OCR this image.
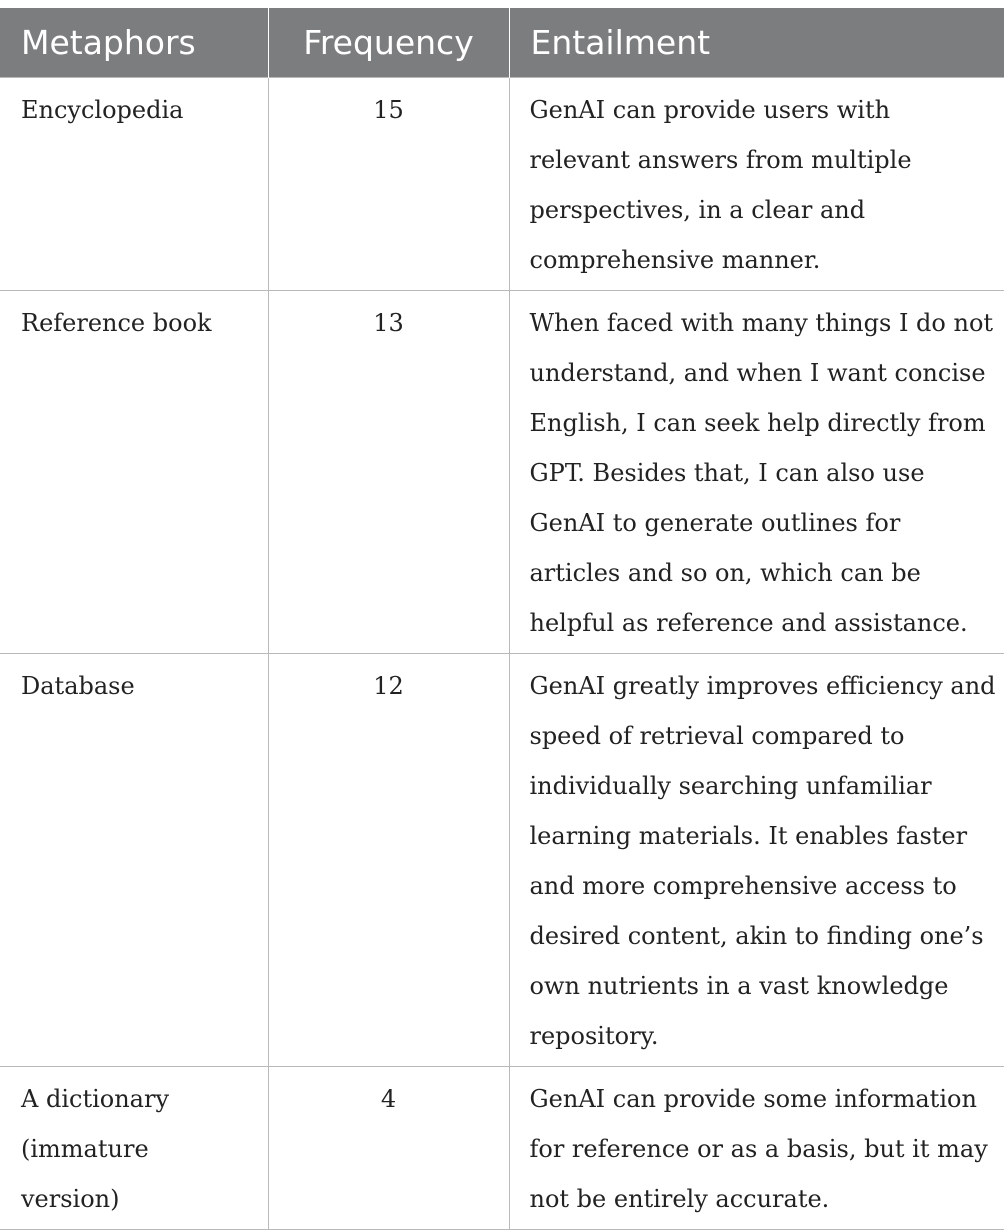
Metaphors	Frequency	Entailment
Encyclopedia	15	GenAI can provide users with relevant answers from multiple perspectives, in a clear and comprehensive manner.
Reference book	13	When faced with many things I do not understand, and when I want concise English, I can seek help directly from GPT. Besides that, I can also use GenAI to generate outlines for articles and so on, which can be helpful as reference and assistance.
Database	12	GenAI greatly improves efficiency and speed of retrieval compared to individually searching unfamiliar learning materials. It enables faster and more comprehensive access to desired content, akin to finding one’s own nutrients in a vast knowledge repository.
A dictionary (immature version)	4	GenAI can provide some information for reference or as a basis, but it may not be entirely accurate.
